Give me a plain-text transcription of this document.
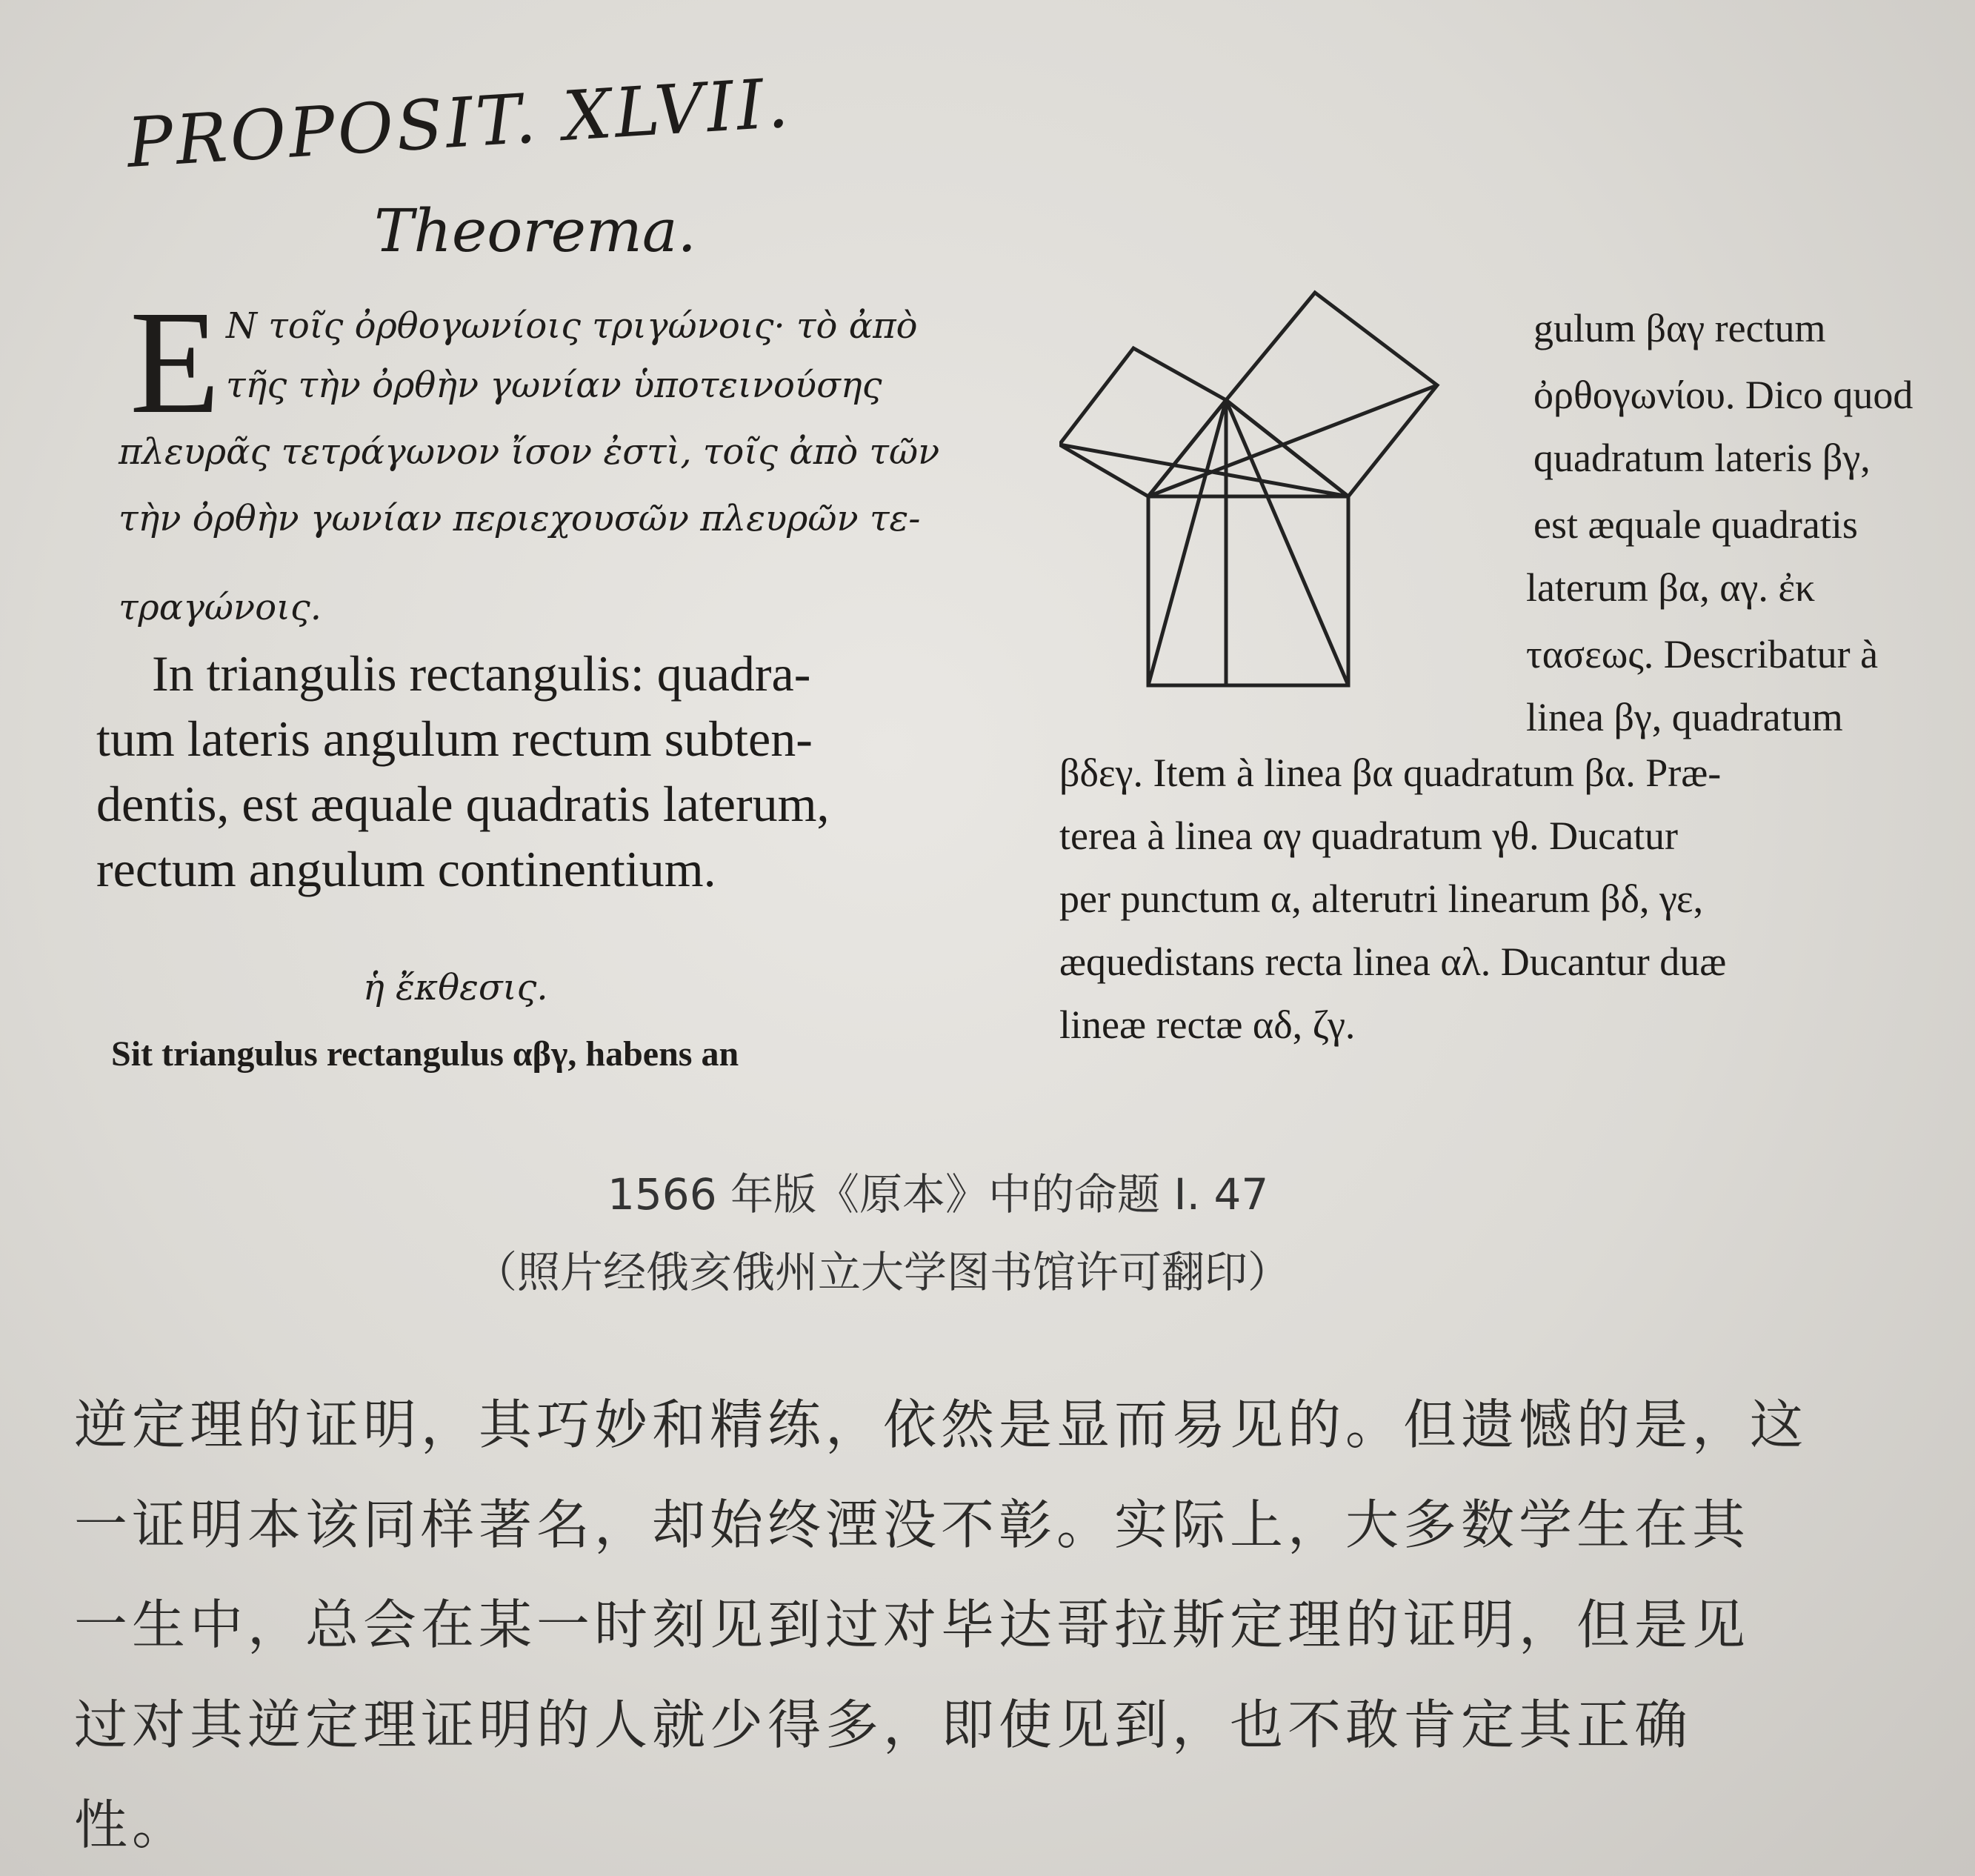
PROPOSIT. XLVII.
Theorema.
E Ν τοῖς ὀρθογωνίοις τριγώνοις· τὸ ἀπὸ
τῆς τὴν ὀρθὴν γωνίαν ὑποτεινούσης
πλευρᾶς τετράγωνον ἴσον ἐστὶ, τοῖς ἀπὸ τῶν
τὴν ὀρθὴν γωνίαν περιεχουσῶν πλευρῶν τε-
τραγώνοις.

In triangulis rectangulis: quadra-

tum lateris angulum rectum subten-

dentis, est æquale quadratis laterum,

rectum angulum continentium.

ἡ ἔκθεσις.
Sit triangulus rectangulus αβγ, habens an
gulum βαγ rectum
ὀρθογωνίου. Dico quod
quadratum lateris βγ,
est æquale quadratis
laterum βα, αγ. ἐκ
τασεως. Describatur à
linea βγ, quadratum
βδεγ. Item à linea βα quadratum βα. Præ-
terea à linea αγ quadratum γθ. Ducatur
per punctum α, alterutri linearum βδ, γε,
æquedistans recta linea αλ. Ducantur duæ
lineæ rectæ αδ, ζγ.
1566 年版《原本》中的命题 I. 47
（照片经俄亥俄州立大学图书馆许可翻印）
逆定理的证明，其巧妙和精练，依然是显而易见的。但遗憾的是，这
一证明本该同样著名，却始终湮没不彰。实际上，大多数学生在其
一生中，总会在某一时刻见到过对毕达哥拉斯定理的证明，但是见
过对其逆定理证明的人就少得多，即使见到，也不敢肯定其正确
性。
